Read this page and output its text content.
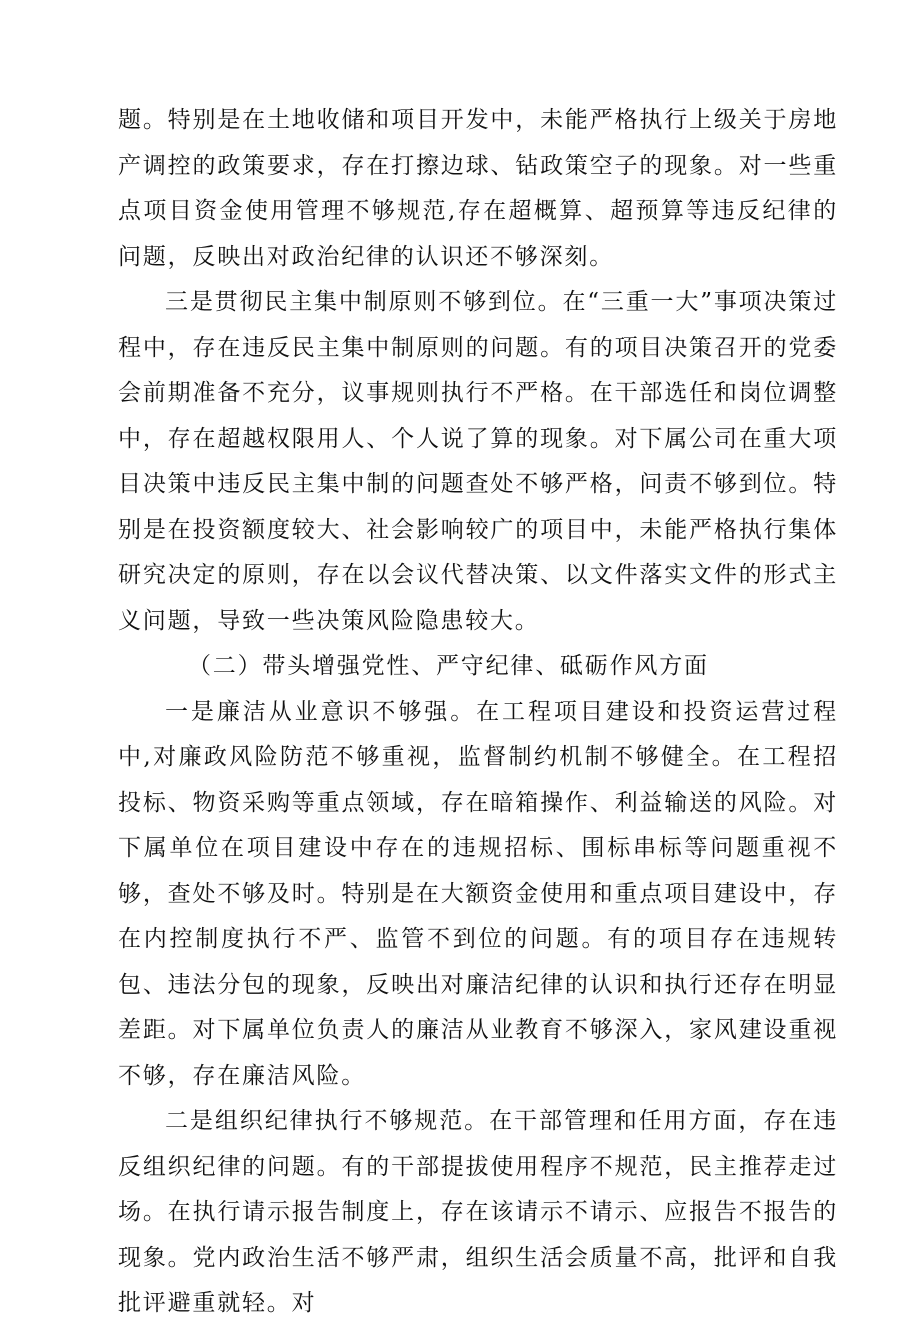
题。特别是在土地收储和项目开发中，未能严格执行上级关于房地产调控的政策要求，存在打擦边球、钻政策空子的现象。对一些重点项目资金使用管理不够规范,存在超概算、超预算等违反纪律的问题，反映出对政治纪律的认识还不够深刻。

三是贯彻民主集中制原则不够到位。在“三重一大”事项决策过程中，存在违反民主集中制原则的问题。有的项目决策召开的党委会前期准备不充分，议事规则执行不严格。在干部选任和岗位调整中，存在超越权限用人、个人说了算的现象。对下属公司在重大项目决策中违反民主集中制的问题查处不够严格，问责不够到位。特别是在投资额度较大、社会影响较广的项目中，未能严格执行集体研究决定的原则，存在以会议代替决策、以文件落实文件的形式主义问题，导致一些决策风险隐患较大。

（二）带头增强党性、严守纪律、砥砺作风方面

一是廉洁从业意识不够强。在工程项目建设和投资运营过程中,对廉政风险防范不够重视，监督制约机制不够健全。在工程招投标、物资采购等重点领域，存在暗箱操作、利益输送的风险。对下属单位在项目建设中存在的违规招标、围标串标等问题重视不够，查处不够及时。特别是在大额资金使用和重点项目建设中，存在内控制度执行不严、监管不到位的问题。有的项目存在违规转包、违法分包的现象，反映出对廉洁纪律的认识和执行还存在明显差距。对下属单位负责人的廉洁从业教育不够深入，家风建设重视不够，存在廉洁风险。

二是组织纪律执行不够规范。在干部管理和任用方面，存在违反组织纪律的问题。有的干部提拔使用程序不规范，民主推荐走过场。在执行请示报告制度上，存在该请示不请示、应报告不报告的现象。党内政治生活不够严肃，组织生活会质量不高，批评和自我批评避重就轻。对
